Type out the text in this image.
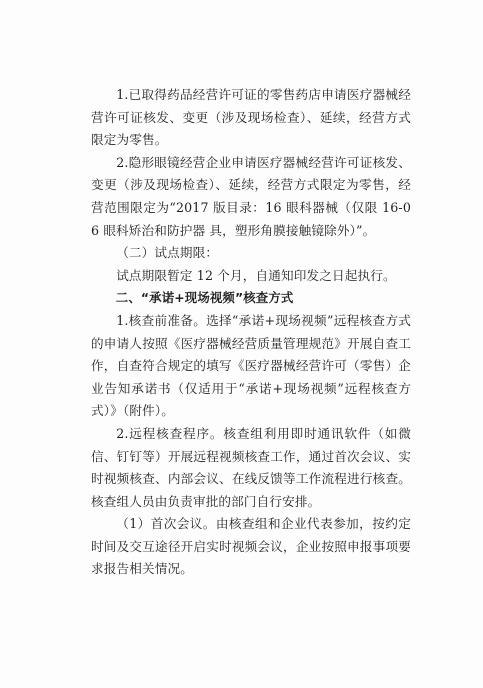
1.已取得药品经营许可证的零售药店申请医疗器械经营许可证核发、变更（涉及现场检查）、延续，经营方式限定为零售。

2.隐形眼镜经营企业申请医疗器械经营许可证核发、变更（涉及现场检查）、延续，经营方式限定为零售，经营范围限定为“2017 版目录：16 眼科器械（仅限 16-06 眼科矫治和防护器 具，塑形角膜接触镜除外）”。

（二）试点期限：

试点期限暂定 12 个月，自通知印发之日起执行。

二、“承诺+现场视频”核查方式

1.核查前准备。选择“承诺+现场视频”远程核查方式的申请人按照《医疗器械经营质量管理规范》开展自查工作，自查符合规定的填写《医疗器械经营许可（零售）企业告知承诺书（仅适用于“承诺+现场视频”远程核查方式）》（附件）。

2.远程核查程序。核查组利用即时通讯软件（如微信、钉钉等）开展远程视频核查工作，通过首次会议、实时视频核查、内部会议、在线反馈等工作流程进行核查。核查组人员由负责审批的部门自行安排。

（1）首次会议。由核查组和企业代表参加，按约定时间及交互途径开启实时视频会议，企业按照申报事项要求报告相关情况。
